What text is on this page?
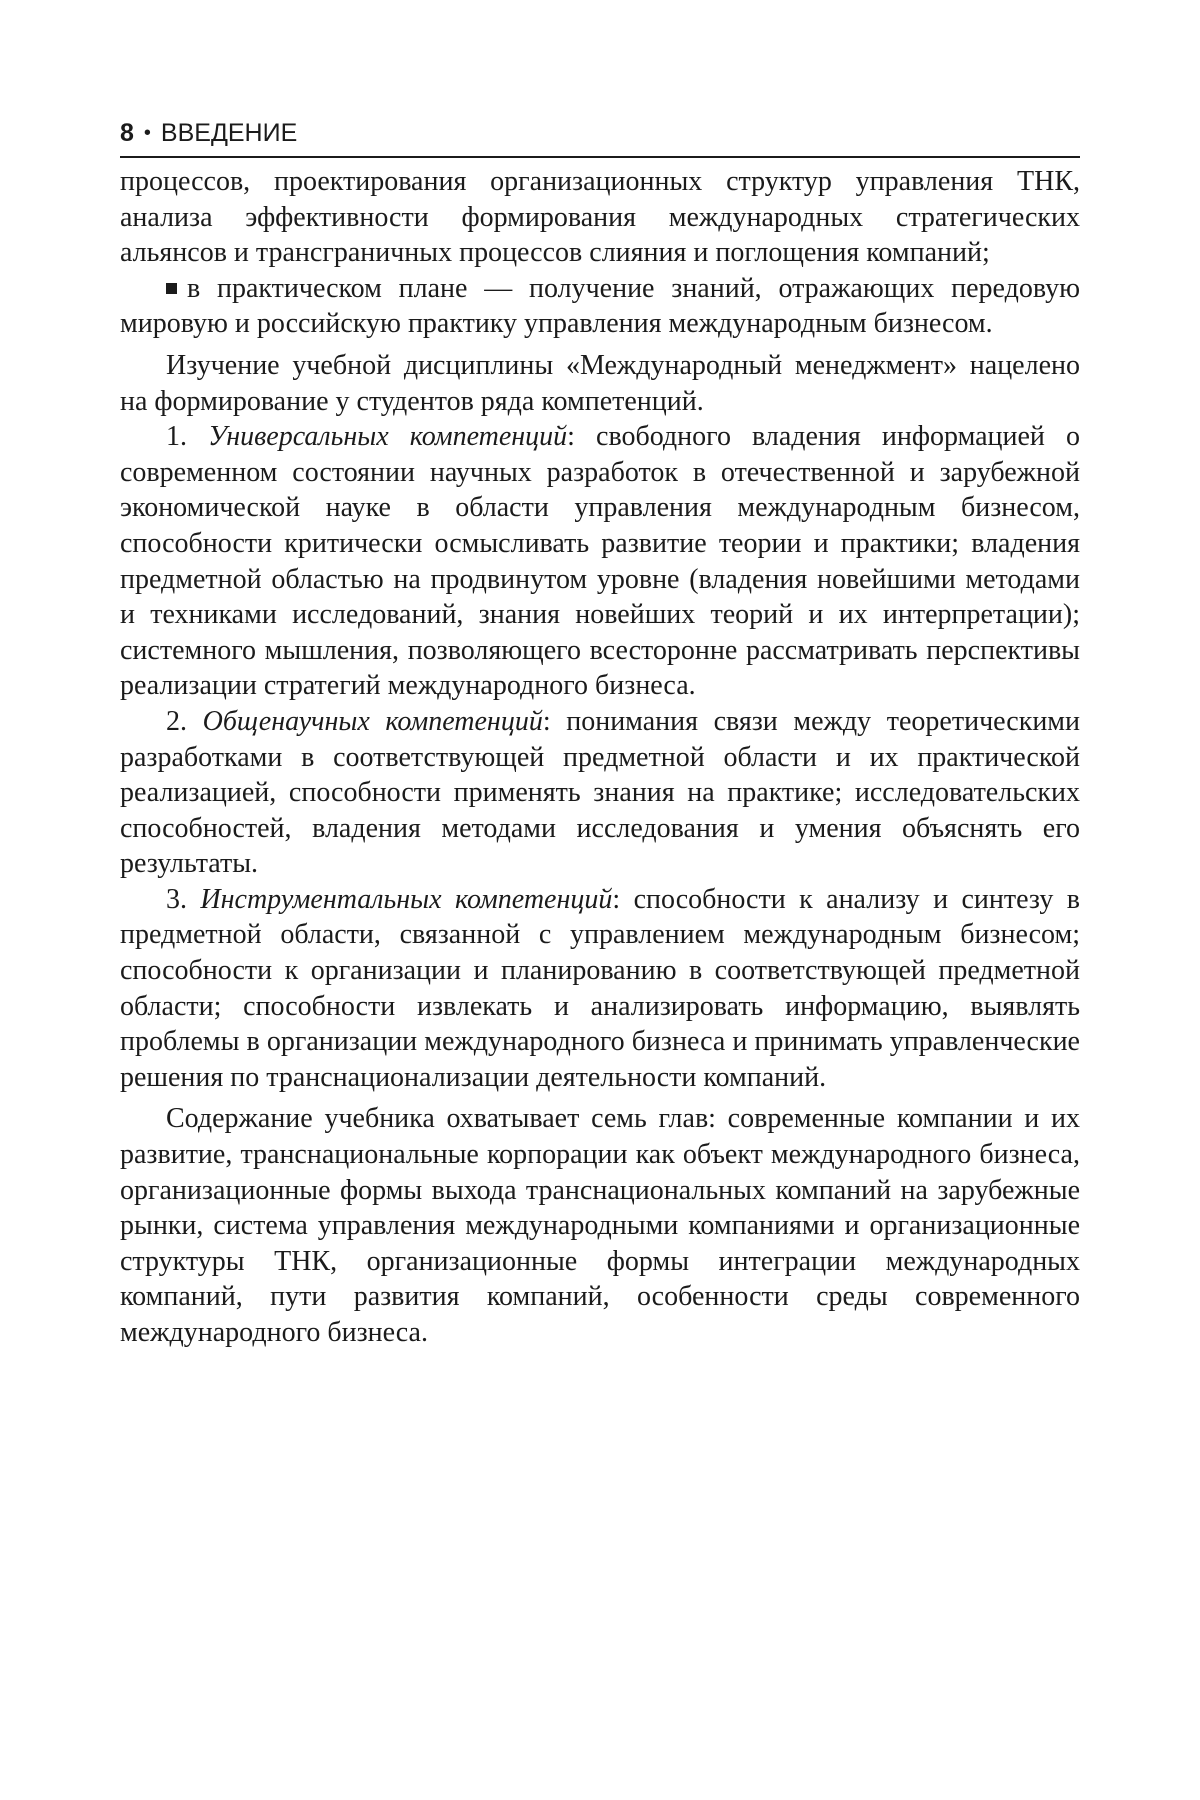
8 • ВВЕДЕНИЕ

процессов, проектирования организационных структур управления ТНК, анализа эффективности формирования международных стратегических альянсов и трансграничных процессов слияния и поглощения компаний;

в практическом плане — получение знаний, отражающих передовую мировую и российскую практику управления международным бизнесом.

Изучение учебной дисциплины «Международный менеджмент» нацелено на формирование у студентов ряда компетенций.

1. Универсальных компетенций: свободного владения информацией о современном состоянии научных разработок в отечественной и зарубежной экономической науке в области управления международным бизнесом, способности критически осмысливать развитие теории и практики; владения предметной областью на продвинутом уровне (владения новейшими методами и техниками исследований, знания новейших теорий и их интерпретации); системного мышления, позволяющего всесторонне рассматривать перспективы реализации стратегий международного бизнеса.

2. Общенаучных компетенций: понимания связи между теоретическими разработками в соответствующей предметной области и их практической реализацией, способности применять знания на практике; исследовательских способностей, владения методами исследования и умения объяснять его результаты.

3. Инструментальных компетенций: способности к анализу и синтезу в предметной области, связанной с управлением международным бизнесом; способности к организации и планированию в соответствующей предметной области; способности извлекать и анализировать информацию, выявлять проблемы в организации международного бизнеса и принимать управленческие решения по транснационализации деятельности компаний.

Содержание учебника охватывает семь глав: современные компании и их развитие, транснациональные корпорации как объект международного бизнеса, организационные формы выхода транснациональных компаний на зарубежные рынки, система управления международными компаниями и организационные структуры ТНК, организационные формы интеграции международных компаний, пути развития компаний, особенности среды современного международного бизнеса.
